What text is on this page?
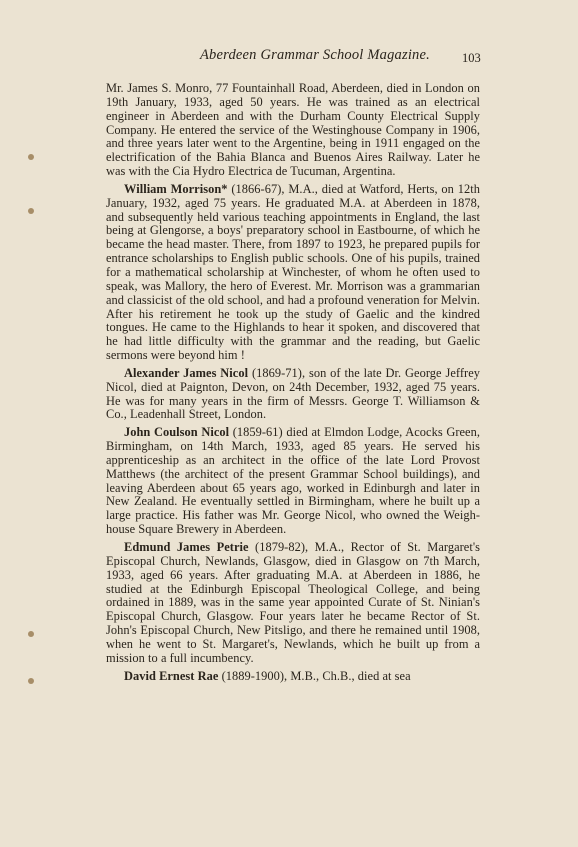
Aberdeen Grammar School Magazine.	103

Mr. James S. Monro, 77 Fountainhall Road, Aberdeen, died in London on 19th January, 1933, aged 50 years. He was trained as an electrical engineer in Aberdeen and with the Durham County Electrical Supply Company. He entered the service of the Westinghouse Company in 1906, and three years later went to the Argentine, being in 1911 engaged on the electrification of the Bahia Blanca and Buenos Aires Railway. Later he was with the Cia Hydro Electrica de Tucuman, Argentina.

William Morrison* (1866-67), M.A., died at Watford, Herts, on 12th January, 1932, aged 75 years. He graduated M.A. at Aberdeen in 1878, and subsequently held various teaching appointments in England, the last being at Glengorse, a boys' preparatory school in Eastbourne, of which he became the head master. There, from 1897 to 1923, he prepared pupils for entrance scholarships to English public schools. One of his pupils, trained for a mathematical scholarship at Winchester, of whom he often used to speak, was Mallory, the hero of Everest. Mr. Morrison was a grammarian and classicist of the old school, and had a profound veneration for Melvin. After his retirement he took up the study of Gaelic and the kindred tongues. He came to the Highlands to hear it spoken, and discovered that he had little difficulty with the grammar and the reading, but Gaelic sermons were beyond him !

Alexander James Nicol (1869-71), son of the late Dr. George Jeffrey Nicol, died at Paignton, Devon, on 24th December, 1932, aged 75 years. He was for many years in the firm of Messrs. George T. Williamson & Co., Leadenhall Street, London.

John Coulson Nicol (1859-61) died at Elmdon Lodge, Acocks Green, Birmingham, on 14th March, 1933, aged 85 years. He served his apprenticeship as an architect in the office of the late Lord Provost Matthews (the architect of the present Grammar School buildings), and leaving Aberdeen about 65 years ago, worked in Edinburgh and later in New Zealand. He eventually settled in Birmingham, where he built up a large practice. His father was Mr. George Nicol, who owned the Weigh-house Square Brewery in Aberdeen.

Edmund James Petrie (1879-82), M.A., Rector of St. Margaret's Episcopal Church, Newlands, Glasgow, died in Glasgow on 7th March, 1933, aged 66 years. After graduating M.A. at Aberdeen in 1886, he studied at the Edinburgh Episcopal Theological College, and being ordained in 1889, was in the same year appointed Curate of St. Ninian's Episcopal Church, Glasgow. Four years later he became Rector of St. John's Episcopal Church, New Pitsligo, and there he remained until 1908, when he went to St. Margaret's, Newlands, which he built up from a mission to a full incumbency.

David Ernest Rae (1889-1900), M.B., Ch.B., died at sea
